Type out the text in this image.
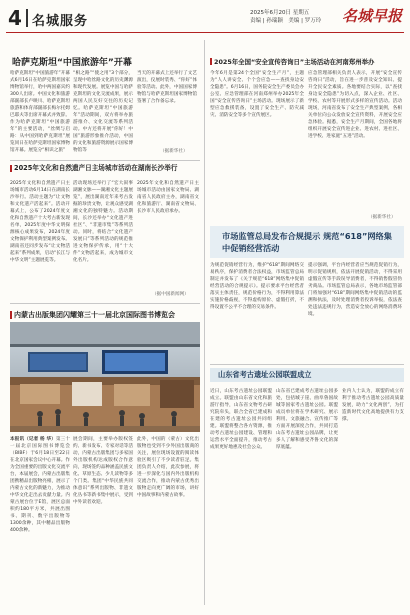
4 名城服务
2025年6月20日 星期五
责编 | 孙瑞颖　美编 | 罗万玲 名城早报
哈萨克斯坦“中国旅游年”开幕
哈萨克斯坦“中国旅游年”开幕式6月16日在哈萨克斯坦国家博物馆举行，哈中两国嘉宾约300人出席。中国文化和旅游部副部长卢映川、哈萨克斯坦旅游和体育部副部长梅尔托姆巴耶夫等出席开幕式并致辞。作为哈萨克斯坦“中国旅游年”的主要活动，“丝绸与启路：从中国到哈萨克斯坦”展览同日在哈萨克斯坦国家博物馆开幕。展览分“相识之旅”
“相之路”“使之用”3个部分，呈现中哈丝路文化的历史渊源和现代发展。展览中国与哈萨克斯坦的文化交流成果，展示两国人民友好交往的历史记忆。哈萨克斯坦“中国旅游年”活动期间，双方将举办旅游推介、文化交流等系列活动。中方还将开展“你好！中国”旅游形象推介活动，中国的文化和旅游资源展示国家博物馆等
当天的开幕式上还举行了文艺演出，仪展时装秀、“你好”体验等活动。此外，中国国家博物馆与哈萨克斯坦国家博物馆签署了合作备忘录。
（据新华社）
2025年文化和自然遗产日主场城市活动在湖南长沙举行
2025年文化和自然遗产日主场城市活动6月14日在湖南长沙举行。活动主题为“让文物和文化遗产活起来”。活动开幕式上，公布了2024年度文化和自然遗产十大考古新发现名单，2025年度中华文明探源核心成果发布，2024年度文物保护利用典型案例发布。湖南省还同步发布“让文物活起来”系列成果，启动“长江与中华文明”主题展览等。
活动现场还举行了“宏大叙事 湖湘文脉——湖湘文化主题展览”，展出湖南近年来考古发掘的珍贵文物，让观众感受湖湘文化的独特魅力。活动期间，长沙还举办“文化遗产进社区”、“非遗市集”等系列活动。同时，将结合“文化遗产发展日”等系列活动的规范推进文物保护传承，用“十大件”文物活起来，成为城市文化名片。
2025年文化和自然遗产日主场城市活动由国家文物局、湖南省人民政府主办，湖南省文化和旅游厅、湖南省文物局、长沙市人民政府承办。
（据中国新闻网）
内蒙古出版集团闪耀第三十一届北京国际图书博览会
本报讯（记者 杨 华）第三十一届北京国际图书博览会（BIBF）于6月18日至22日在北京国家会议中心开幕。作为全国重要的出版文化交流平台，本届展会，内蒙古出版集团携精品出版物亮相，展示了内蒙古文化的新魅力，为推动中华文化走出去贡献力量。内蒙古展台位于E馆，展区总面积约180平方米，共展出图书、期刊、数字出版物等1300余种，其中精品出版物400余种。
展会期间，主要举办版权签约、新书发布、专家对话等活动，内蒙古出版集团与多家国外出版机构达成版权合作意向，现场签约品种涵盖民族文化、草原生态、少儿读物等多个门类。集团“中华民族共同体意识”系列出版物、非遗文化丛书等新书集中展示，受到中外读者欢迎。
此外，中国的（蒙古）文化出版物也受到不少外国出版商的关注，展位现场设置的阅读体验区吸引了不少读者驻足。集团负责人介绍，此次参展，将进一步深化与国内外出版机构交流合作，推动内蒙古优秀出版物走向更广阔的市场，讲好中国故事和内蒙古故事。
2025年全国“安全宣传咨询日”主场活动在河南郑州举办
今年6月是第24个全国“安全生产月”，主题为“人人讲安全、个个会应急——查找身边安全隐患”。6月16日，国务院安全生产委员会办公室、应急管理部在河南郑州举办2025年全国“安全宣传咨询日”主场活动。现场展示了新型应急救援装备，设置了安全生产、防灾减灾、消防安全等多个宣传展区。
应急管理部相关负责人表示，开展“安全宣传咨询日”活动，旨在进一步普及安全知识、提升全民安全素质。各地要结合实际，以“查找身边安全隐患”为切入点，深入企业、社区、学校、农村等开展形式多样的宣传活动。活动现场，河南省发布了安全生产典型案例，各相关单位向公众发放安全宣传资料，开展安全应急体验。据悉，安全生产月期间，全国各地将组织开展安全宣传进企业、进农村、进社区、进学校、进家庭“五进”活动。
（据新华社）
市场监管总局发布合规提示 规范“618”网络集中促销经营活动
为规范促销经营行为，维护“618”期间网络交易秩序，保护消费者合法权益，市场监管总局制定并发布了《关于规范“618”网络集中促销经营活动的合规提示》。提示要求平台经营者落实主体责任，规范价格行为，不得利用算法实施价格歧视，不得虚构原价、虚假打折，不得设置不公平不合理的交易条件。
提示强调，平台内经营者应当规范促销行为，明示促销规则，依法开展促销活动，不得采用虚假宣传等手段误导消费者，不得销售假冒伪劣商品。市场监管总局表示，各地市场监管部门将加强对“618”期间网络集中促销活动的监测和执法，及时处理消费者投诉举报，依法查处违法违规行为，营造安全放心的网络消费环境。
山东省考古遗址公园联盟成立
近日，山东考古遗址公园联盟成立。联盟由山东省文化和旅游厅指导，山东省文物考古研究院牵头，联合全省已建成和在建的考古遗址公园共同组建。联盟将整合各方资源，推动考古遗址公园建设、管理和运营水平全面提升，推动考古成果更好地惠及社会公众。
山东省已建成考古遗址公园多处，包括城子崖、曲阜鲁国故城等国家考古遗址公园。联盟成员单位将在学术研究、展示利用、文旅融合、宣传推广等方面开展深度合作，共同打造山东考古遗址公园品牌，让更多人了解和感受齐鲁文化的深厚底蕴。
业内人士认为，联盟的成立有利于推动考古遗址公园高质量发展，助力“文化两创”，为打造新时代文化高地提供有力支撑。
